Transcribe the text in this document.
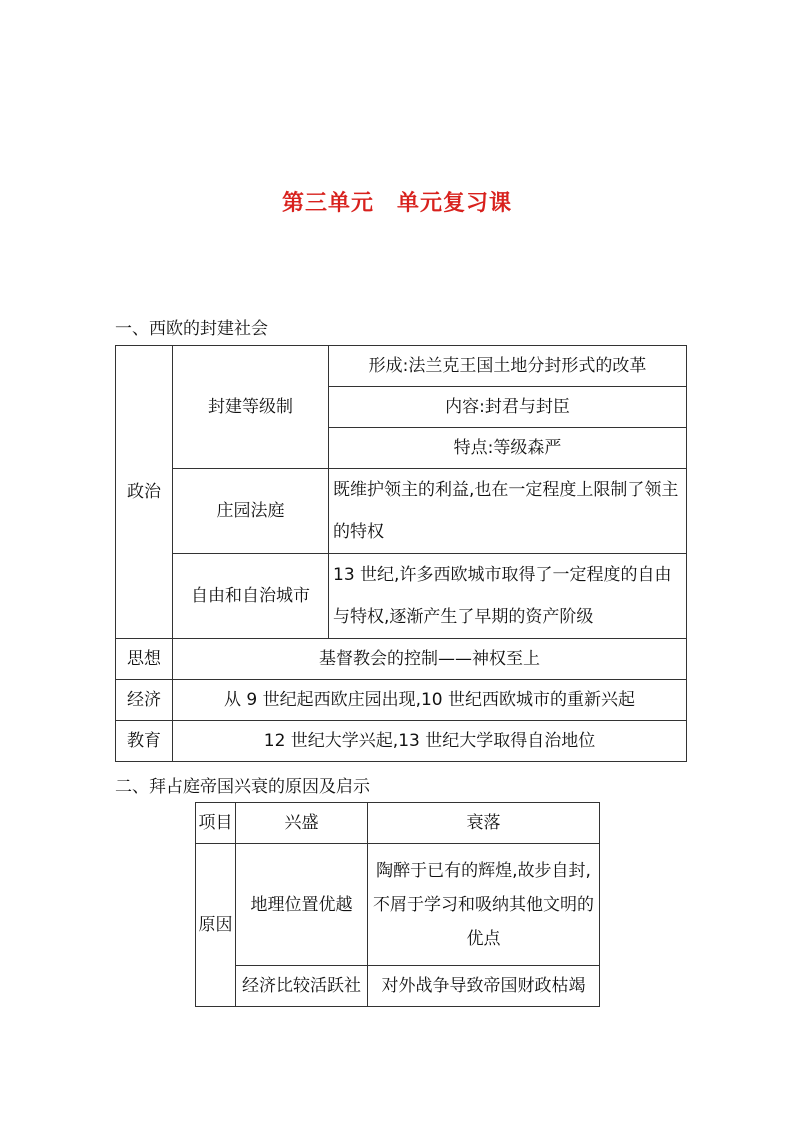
第三单元　单元复习课

一、西欧的封建社会

政治	封建等级制	形成:法兰克王国土地分封形式的改革
		内容:封君与封臣
		特点:等级森严
	庄园法庭	既维护领主的利益,也在一定程度上限制了领主的特权
	自由和自治城市	13 世纪,许多西欧城市取得了一定程度的自由与特权,逐渐产生了早期的资产阶级
思想	基督教会的控制——神权至上	
经济	从 9 世纪起西欧庄园出现,10 世纪西欧城市的重新兴起	
教育	12 世纪大学兴起,13 世纪大学取得自治地位	

二、拜占庭帝国兴衰的原因及启示

项目	兴盛	衰落
原因	地理位置优越	陶醉于已有的辉煌,故步自封,不屑于学习和吸纳其他文明的优点
	经济比较活跃社	对外战争导致帝国财政枯竭
